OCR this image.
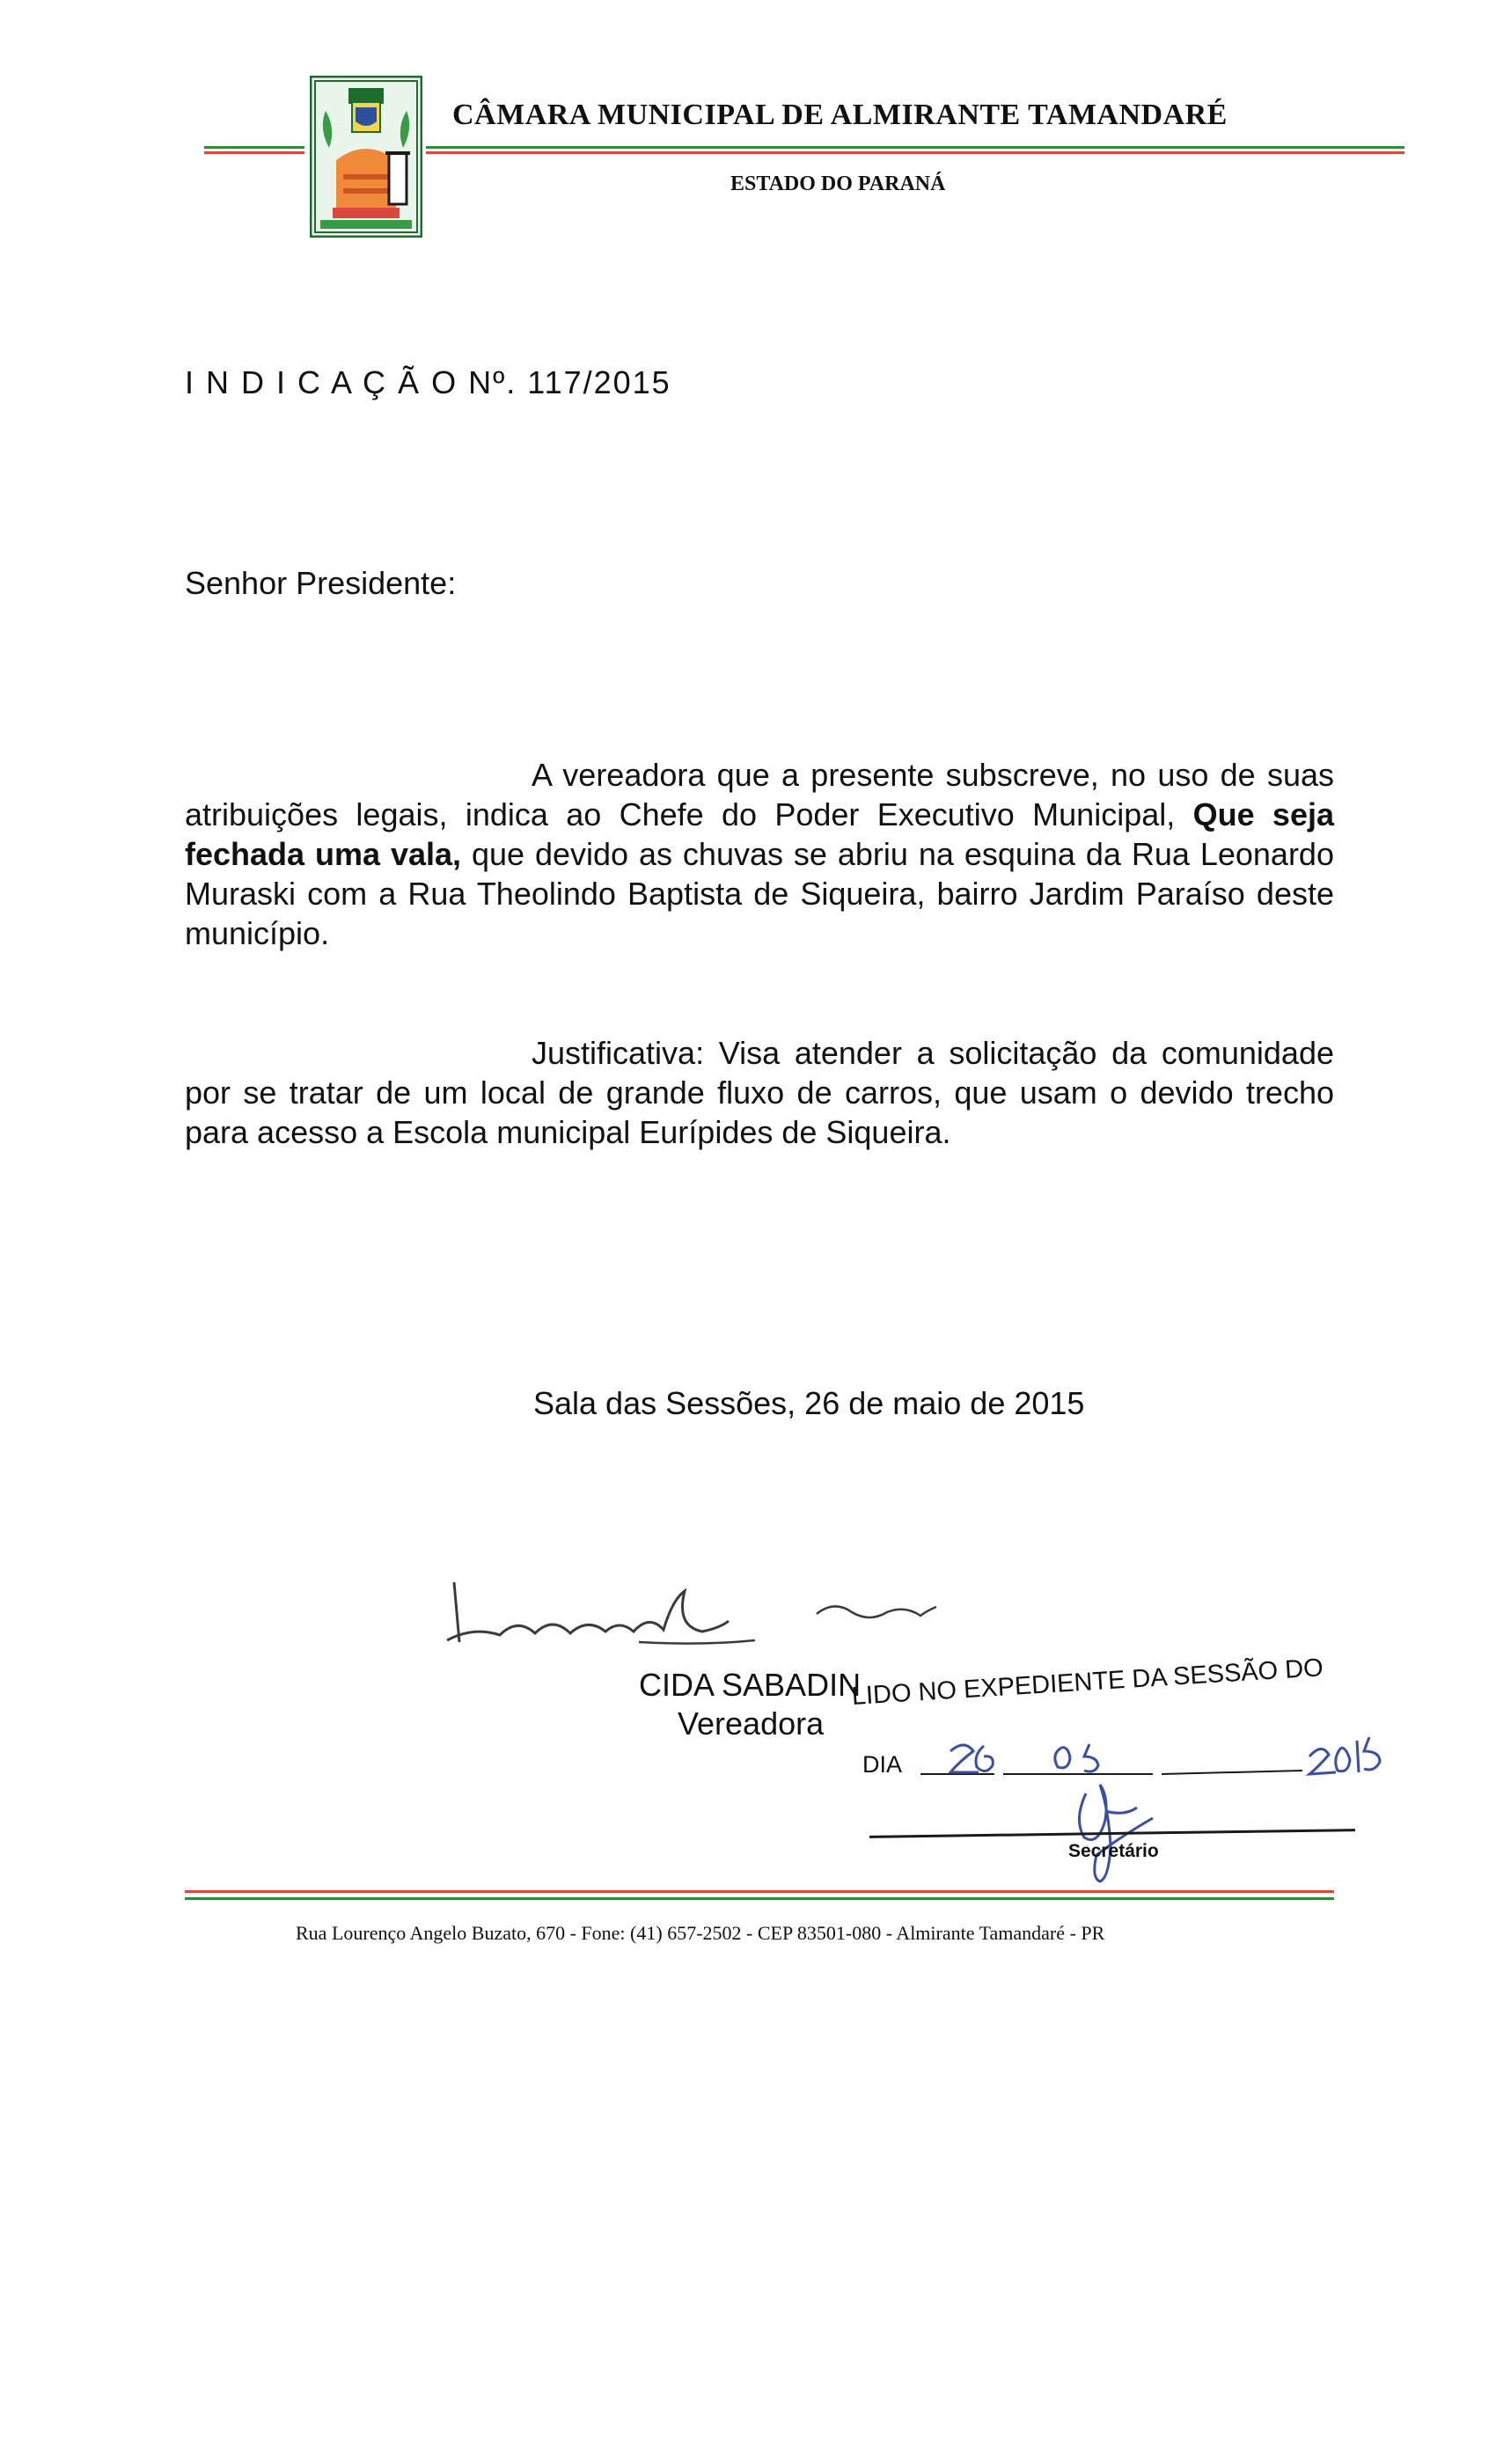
CÂMARA MUNICIPAL DE ALMIRANTE TAMANDARÉ
ESTADO DO PARANÁ
I N D I C A Ç Ã O Nº. 117/2015
Senhor Presidente:
A vereadora que a presente subscreve, no uso de suas atribuições legais, indica ao Chefe do Poder Executivo Municipal, Que seja fechada uma vala, que devido as chuvas se abriu na esquina da Rua Leonardo Muraski com a Rua Theolindo Baptista de Siqueira, bairro Jardim Paraíso deste município.
Justificativa: Visa atender a solicitação da comunidade por se tratar de um local de grande fluxo de carros, que usam o devido trecho para acesso a Escola municipal Eurípides de Siqueira.
Sala das Sessões, 26 de maio de 2015
CIDA SABADIN
Vereadora
LIDO NO EXPEDIENTE DA SESSÃO DO
DIA
Secretário
Rua Lourenço Angelo Buzato, 670 - Fone: (41) 657-2502 - CEP 83501-080 - Almirante Tamandaré - PR
